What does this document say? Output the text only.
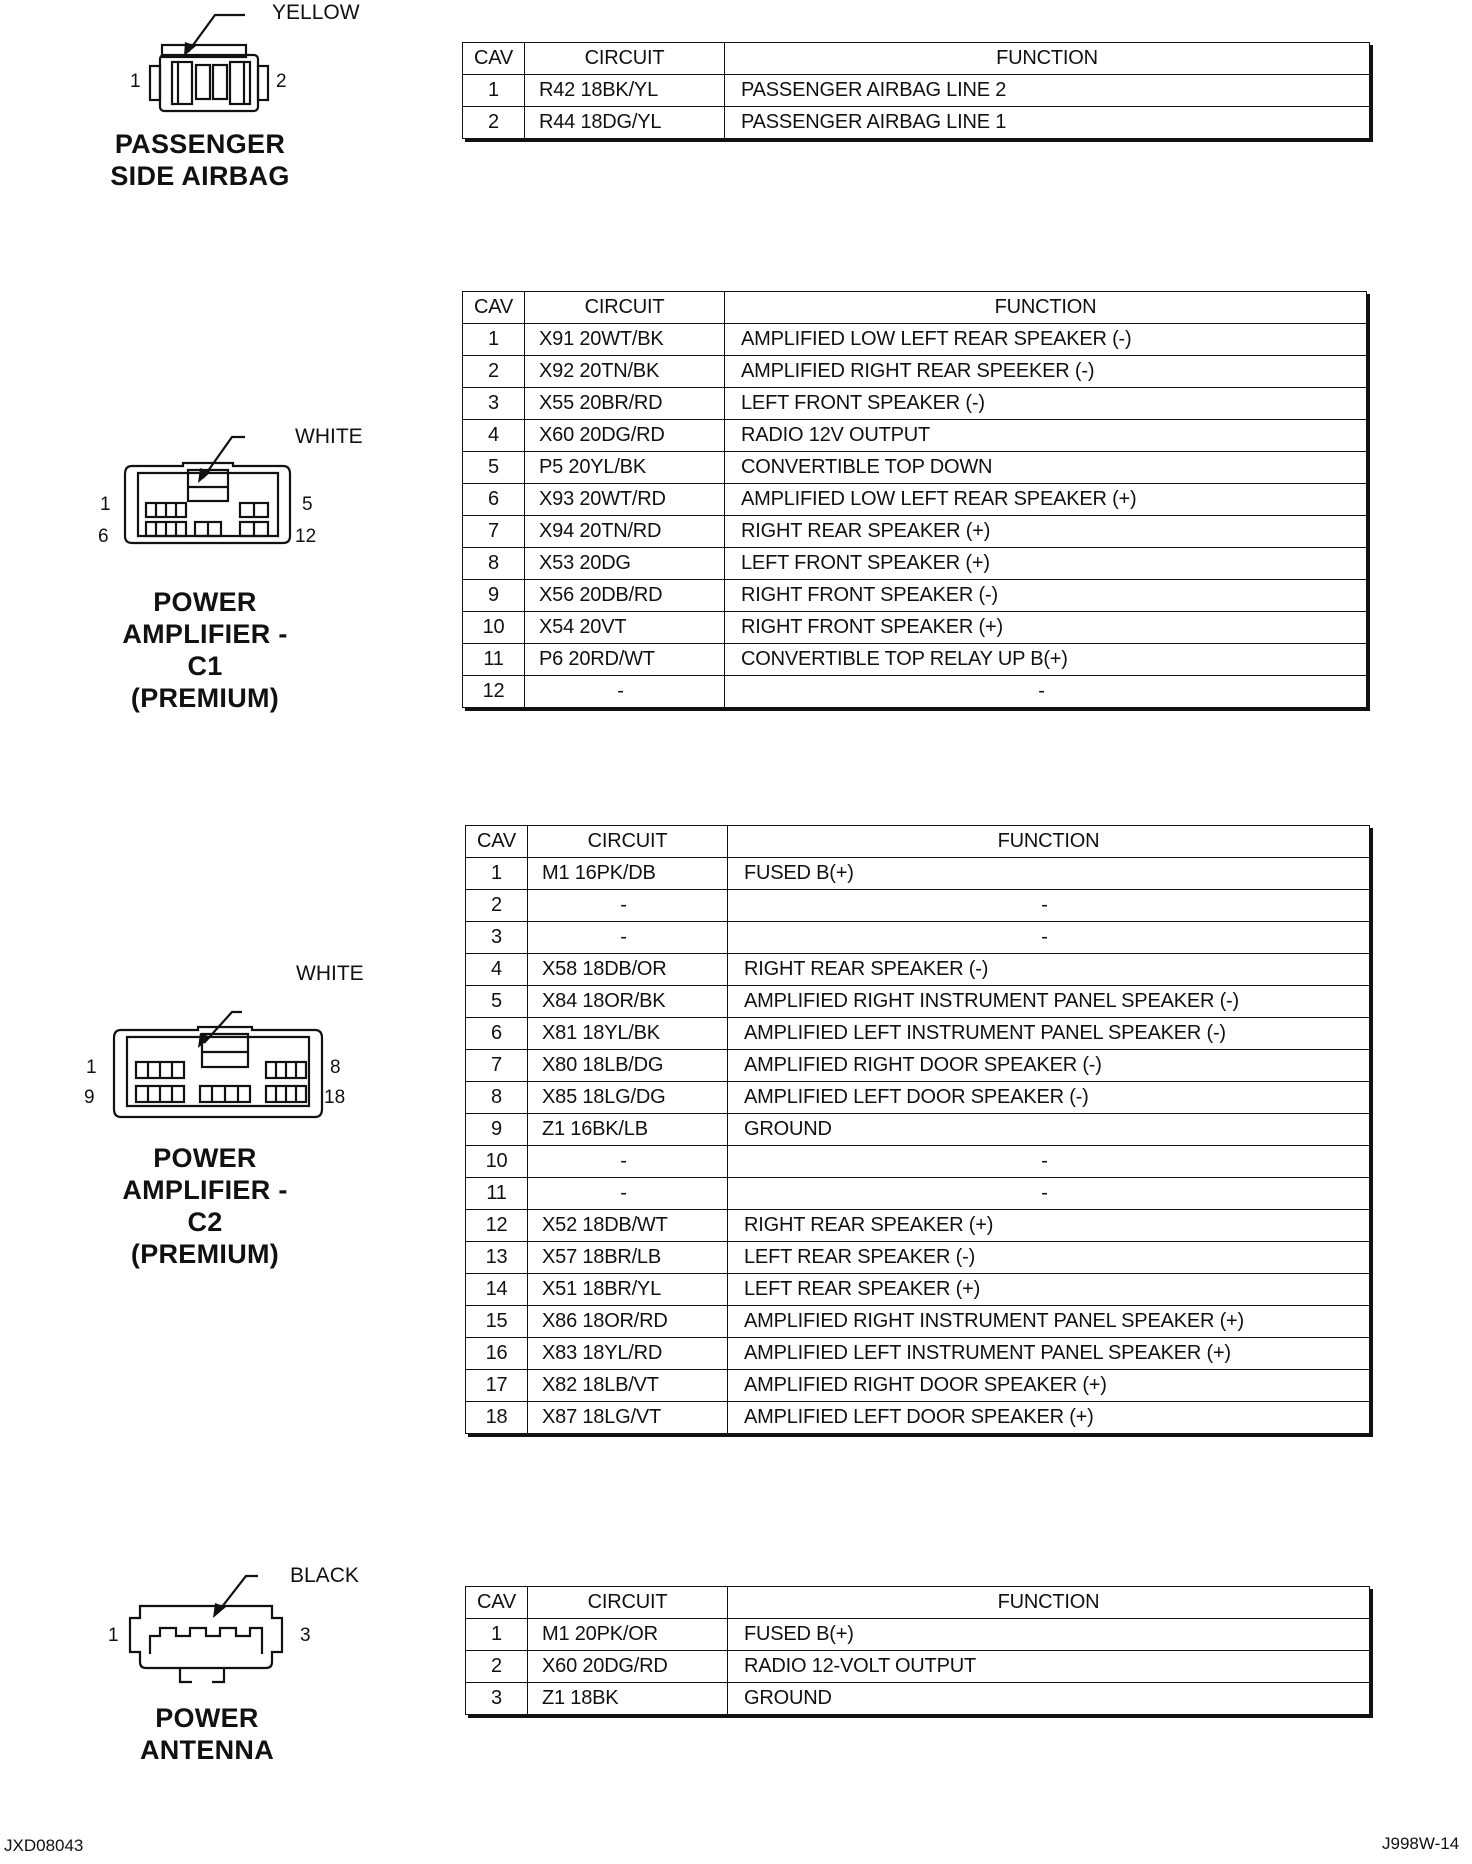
YELLOW
1	2
PASSENGER
SIDE AIRBAG
CAV	CIRCUIT	FUNCTION
1	R42 18BK/YL	PASSENGER AIRBAG LINE 2
2	R44 18DG/YL	PASSENGER AIRBAG LINE 1
WHITE
1	5
6	12
POWER
AMPLIFIER - C1
(PREMIUM)
CAV	CIRCUIT	FUNCTION
1	X91 20WT/BK	AMPLIFIED LOW LEFT REAR SPEAKER (-)
2	X92 20TN/BK	AMPLIFIED RIGHT REAR SPEEKER (-)
3	X55 20BR/RD	LEFT FRONT SPEAKER (-)
4	X60 20DG/RD	RADIO 12V OUTPUT
5	P5 20YL/BK	CONVERTIBLE TOP DOWN
6	X93 20WT/RD	AMPLIFIED LOW LEFT REAR SPEAKER (+)
7	X94 20TN/RD	RIGHT REAR SPEAKER (+)
8	X53 20DG	LEFT FRONT SPEAKER (+)
9	X56 20DB/RD	RIGHT FRONT SPEAKER (-)
10	X54 20VT	RIGHT FRONT SPEAKER (+)
11	P6 20RD/WT	CONVERTIBLE TOP RELAY UP B(+)
12	-	-
WHITE
1	8
9	18
POWER
AMPLIFIER - C2
(PREMIUM)
CAV	CIRCUIT	FUNCTION
1	M1 16PK/DB	FUSED B(+)
2	-	-
3	-	-
4	X58 18DB/OR	RIGHT REAR SPEAKER (-)
5	X84 18OR/BK	AMPLIFIED RIGHT INSTRUMENT PANEL SPEAKER (-)
6	X81 18YL/BK	AMPLIFIED LEFT INSTRUMENT PANEL SPEAKER (-)
7	X80 18LB/DG	AMPLIFIED RIGHT DOOR SPEAKER (-)
8	X85 18LG/DG	AMPLIFIED LEFT DOOR SPEAKER (-)
9	Z1 16BK/LB	GROUND
10	-	-
11	-	-
12	X52 18DB/WT	RIGHT REAR SPEAKER (+)
13	X57 18BR/LB	LEFT REAR SPEAKER (-)
14	X51 18BR/YL	LEFT REAR SPEAKER (+)
15	X86 18OR/RD	AMPLIFIED RIGHT INSTRUMENT PANEL SPEAKER (+)
16	X83 18YL/RD	AMPLIFIED LEFT INSTRUMENT PANEL SPEAKER (+)
17	X82 18LB/VT	AMPLIFIED RIGHT DOOR SPEAKER (+)
18	X87 18LG/VT	AMPLIFIED LEFT DOOR SPEAKER (+)
BLACK
1	3
POWER
ANTENNA
CAV	CIRCUIT	FUNCTION
1	M1 20PK/OR	FUSED B(+)
2	X60 20DG/RD	RADIO 12-VOLT OUTPUT
3	Z1 18BK	GROUND
JXD08043	J998W-14
